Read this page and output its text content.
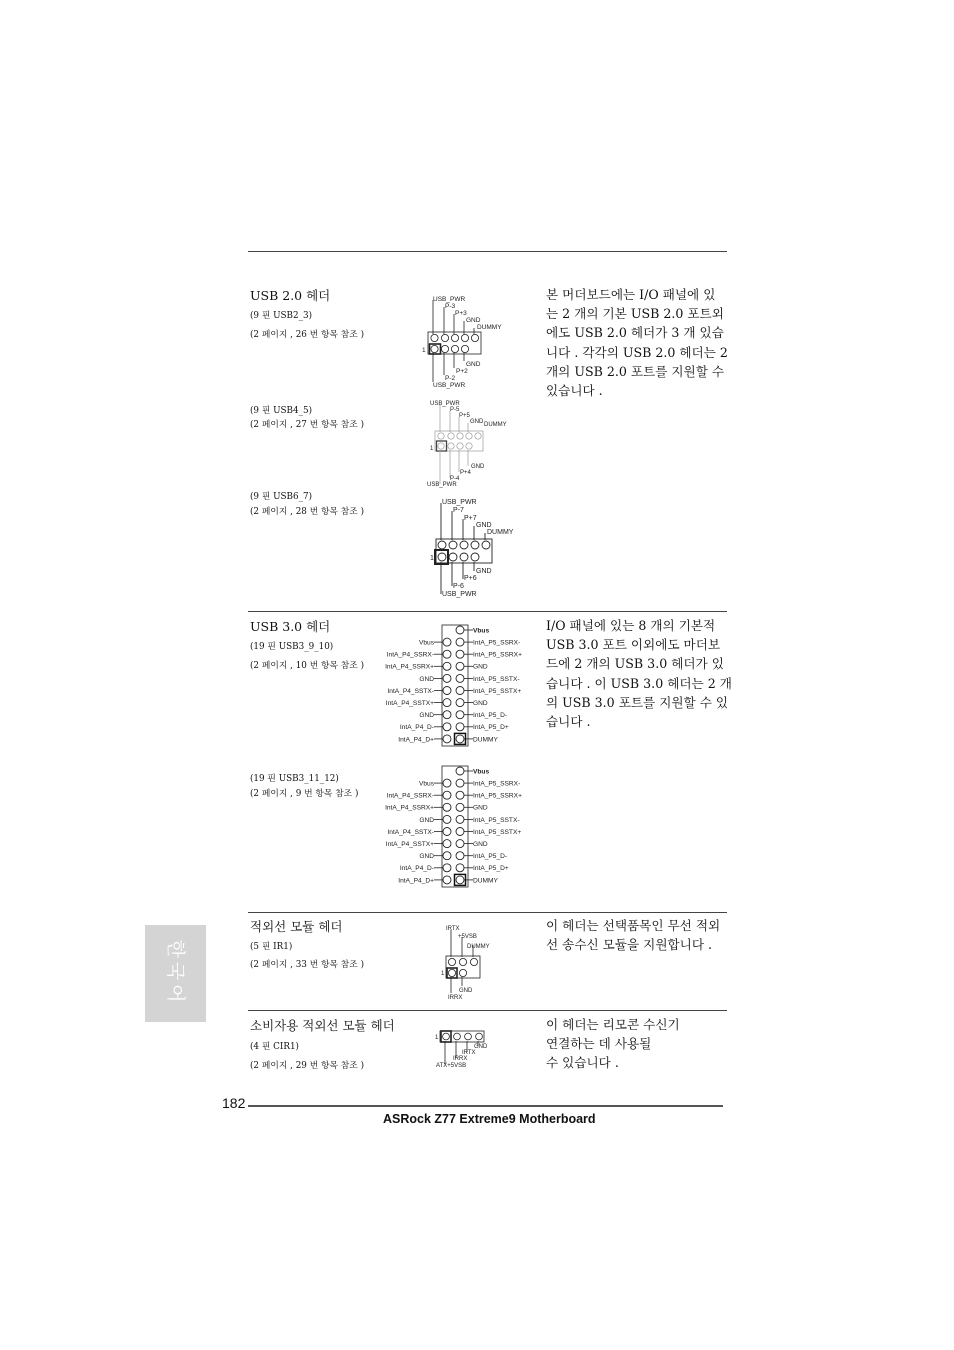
USB 2.0 헤더
(9 핀 USB2_3)
(2 페이지 , 26 번 항목 참조 )
(9 핀 USB4_5)
(2 페이지 , 27 번 항목 참조 )
(9 핀 USB6_7)
(2 페이지 , 28 번 항목 참조 )
본 머더보드에는 I/O 패널에 있
는 2 개의 기본 USB 2.0 포트외
에도 USB 2.0 헤더가 3 개 있습
니다 . 각각의 USB 2.0 헤더는 2
개의 USB 2.0 포트를 지원할 수
있습니다 .
USB_PWR
P-3
P+3
GND
DUMMY
GND
P+2
P-2
USB_PWR
1
USB_PWR
P-5
P+5
GND DUMMY
GND
P+4
P-4
USB_PWR
1
USB_PWR
P-7
P+7
GND
DUMMY
GND
P+6
P-6
USB_PWR
1
USB 3.0 헤더
(19 핀 USB3_9_10)
(2 페이지 , 10 번 항목 참조 )
(19 핀 USB3_11_12)
(2 페이지 , 9 번 항목 참조 )
I/O 패널에 있는 8 개의 기본적
USB 3.0 포트 이외에도 마더보
드에 2 개의 USB 3.0 헤더가 있
습니다 . 이 USB 3.0 헤더는 2 개
의 USB 3.0 포트를 지원할 수 있
습니다 .
Vbus
IntA_P5_SSRX-
IntA_P5_SSRX+
GND
IntA_P5_SSTX-
IntA_P5_SSTX+
GND
IntA_P5_D-
IntA_P5_D+
DUMMY
Vbus
IntA_P4_SSRX-
IntA_P4_SSRX+
GND
IntA_P4_SSTX-
IntA_P4_SSTX+
GND
IntA_P4_D-
IntA_P4_D+
Vbus
IntA_P5_SSRX-
IntA_P5_SSRX+
GND
IntA_P5_SSTX-
IntA_P5_SSTX+
GND
IntA_P5_D-
IntA_P5_D+
DUMMY
Vbus
IntA_P4_SSRX-
IntA_P4_SSRX+
GND
IntA_P4_SSTX-
IntA_P4_SSTX+
GND
IntA_P4_D-
IntA_P4_D+
적외선 모듈 헤더
(5 핀 IR1)
(2 페이지 , 33 번 항목 참조 )
이 헤더는 선택품목인 무선 적외
선 송수신 모듈을 지원합니다 .
IRTX
+5VSB
DUMMY
GND
IRRX
1
소비자용 적외선 모듈 헤더
(4 핀 CIR1)
(2 페이지 , 29 번 항목 참조 )
이 헤더는 리모콘 수신기
연결하는 데 사용될
수 있습니다 .
1
GND
IRTX
IRRX
ATX+5VSB
한국어
182
ASRock Z77 Extreme9 Motherboard
